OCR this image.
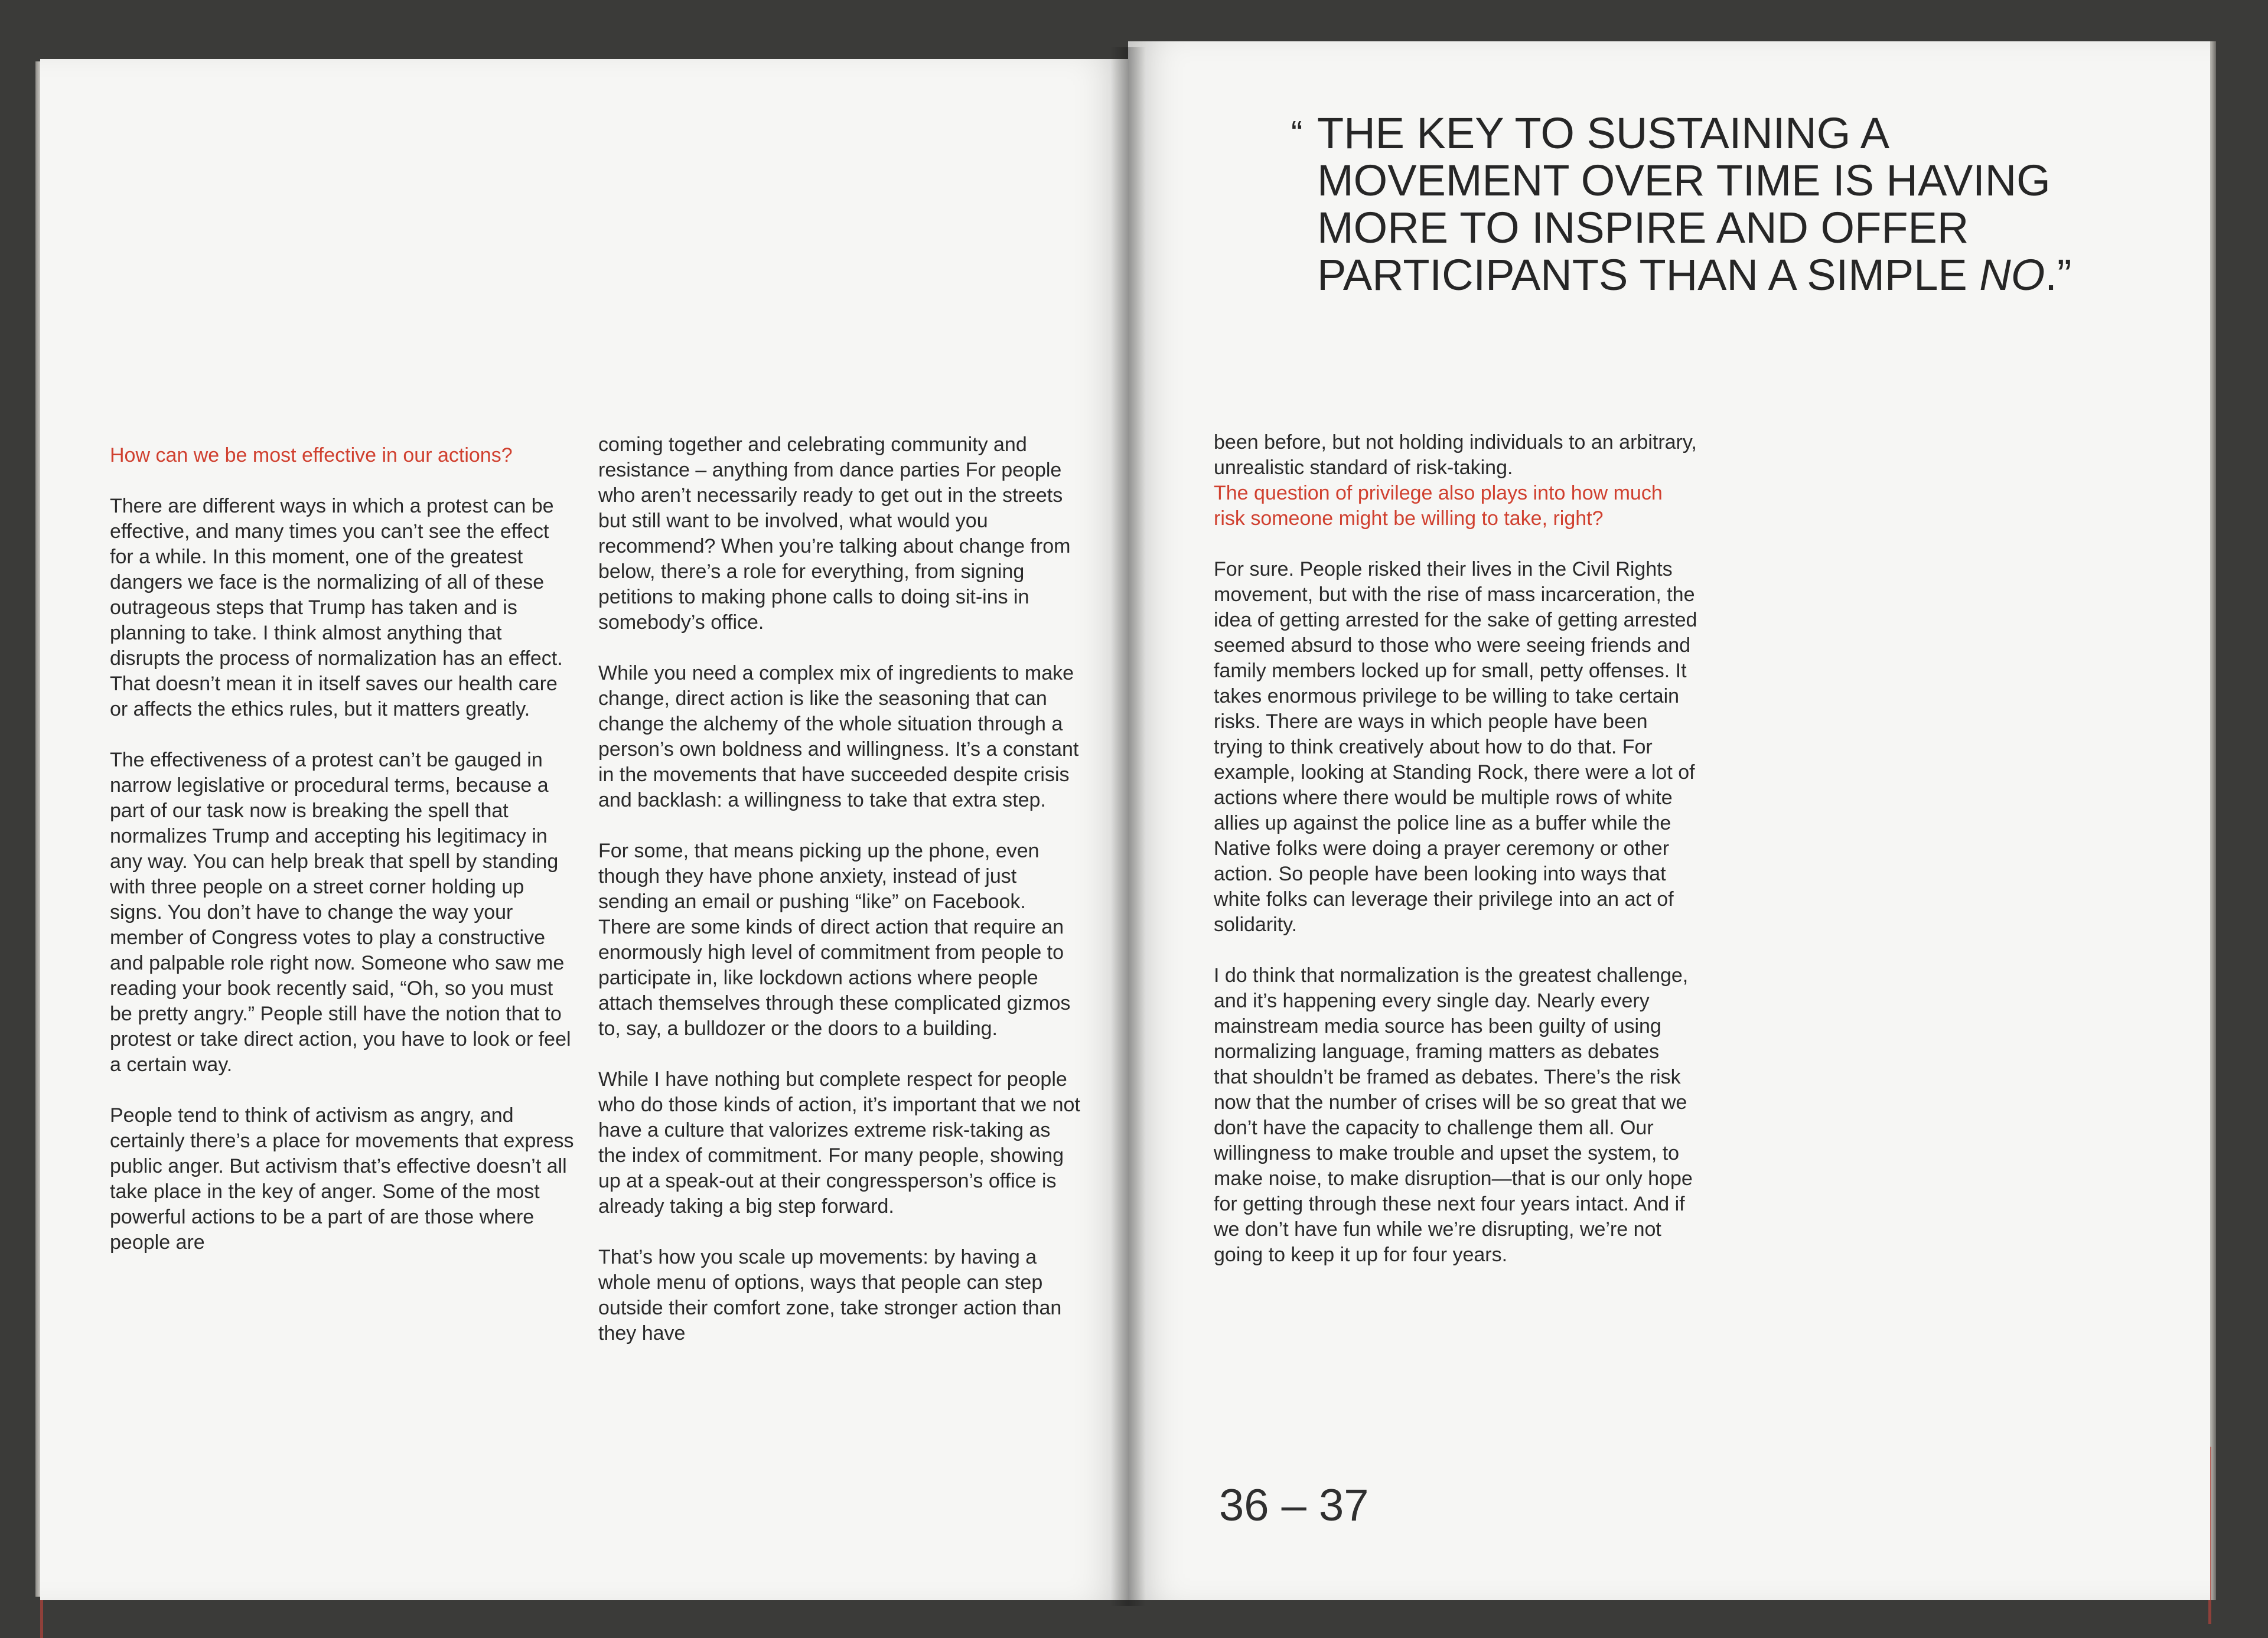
How can we be most effective in our actions?

There are different ways in which a protest can be effective, and many times you can’t see the effect for a while. In this moment, one of the greatest dangers we face is the normalizing of all of these outrageous steps that Trump has taken and is planning to take. I think almost anything that disrupts the process of normalization has an effect. That doesn’t mean it in itself saves our health care or affects the ethics rules, but it matters greatly.

The effectiveness of a protest can’t be gauged in narrow legislative or procedural terms, because a part of our task now is breaking the spell that normalizes Trump and accepting his legitimacy in any way. You can help break that spell by standing with three people on a street corner holding up signs. You don’t have to change the way your member of Congress votes to play a constructive and palpable role right now. Someone who saw me reading your book recently said, “Oh, so you must be pretty angry.” People still have the notion that to protest or take direct action, you have to look or feel a certain way.

People tend to think of activism as angry, and certainly there’s a place for movements that express public anger. But activism that’s effective doesn’t all take place in the key of anger. Some of the most powerful actions to be a part of are those where people are

coming together and celebrating community and resistance – anything from dance parties For people who aren’t necessarily ready to get out in the streets but still want to be involved, what would you recommend? When you’re talking about change from below, there’s a role for everything, from signing petitions to making phone calls to doing sit-ins in somebody’s office.

While you need a complex mix of ingredients to make change, direct action is like the seasoning that can change the alchemy of the whole situation through a person’s own boldness and willingness. It’s a constant in the movements that have succeeded despite crisis and backlash: a willingness to take that extra step.

For some, that means picking up the phone, even though they have phone anxiety, instead of just sending an email or pushing “like” on Facebook. There are some kinds of direct action that require an enormously high level of commitment from people to participate in, like lockdown actions where people attach themselves through these complicated gizmos to, say, a bulldozer or the doors to a building.

While I have nothing but complete respect for people who do those kinds of action, it’s important that we not have a culture that valorizes extreme risk-taking as the index of commitment. For many people, showing up at a speak-out at their congressperson’s office is already taking a big step forward.

That’s how you scale up movements: by having a whole menu of options, ways that people can step outside their comfort zone, take stronger action than they have

“ THE KEY TO SUSTAINING A MOVEMENT OVER TIME IS HAVING MORE TO INSPIRE AND OFFER PARTICIPANTS THAN A SIMPLE NO.”

been before, but not holding individuals to an arbitrary, unrealistic standard of risk-taking.

The question of privilege also plays into how much risk someone might be willing to take, right?

For sure. People risked their lives in the Civil Rights movement, but with the rise of mass incarceration, the idea of getting arrested for the sake of getting arrested seemed absurd to those who were seeing friends and family members locked up for small, petty offenses. It takes enormous privilege to be willing to take certain risks. There are ways in which people have been trying to think creatively about how to do that. For example, looking at Standing Rock, there were a lot of actions where there would be multiple rows of white allies up against the police line as a buffer while the Native folks were doing a prayer ceremony or other action. So people have been looking into ways that white folks can leverage their privilege into an act of solidarity.

I do think that normalization is the greatest challenge, and it’s happening every single day. Nearly every mainstream media source has been guilty of using normalizing language, framing matters as debates that shouldn’t be framed as debates. There’s the risk now that the number of crises will be so great that we don’t have the capacity to challenge them all. Our willingness to make trouble and upset the system, to make noise, to make disruption—that is our only hope for getting through these next four years intact. And if we don’t have fun while we’re disrupting, we’re not going to keep it up for four years.

36 – 37
